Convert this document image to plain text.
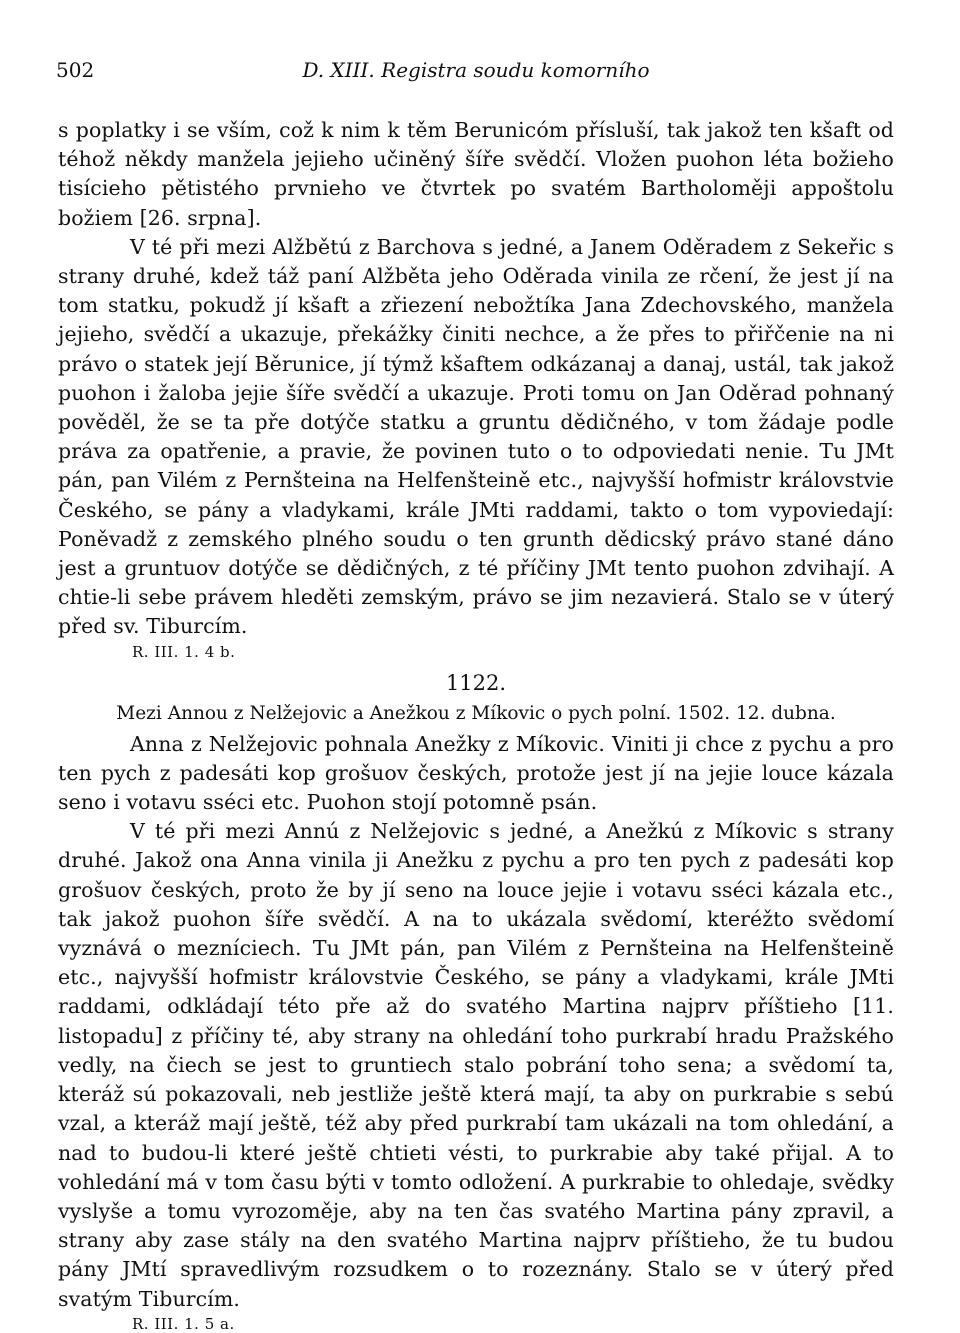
502	D. XIII. Registra soudu komorního

s poplatky i se vším, což k nim k těm Berunicóm přísluší, tak jakož ten kšaft od téhož někdy manžela jejieho učiněný šíře svědčí. Vložen puohon léta božieho tisícieho pětistého prvnieho ve čtvrtek po svatém Bartholoměji appoštolu božiem [26. srpna].

V té při mezi Alžbětú z Barchova s jedné, a Janem Oděradem z Sekeřic s strany druhé, kdež táž paní Alžběta jeho Oděrada vinila ze rčení, že jest jí na tom statku, pokudž jí kšaft a zřiezení nebožtíka Jana Zdechovského, manžela jejieho, svědčí a ukazuje, překážky činiti nechce, a že přes to přiřčenie na ni právo o statek její Běrunice, jí týmž kšaftem odkázanaj a danaj, ustál, tak jakož puohon i žaloba jejie šíře svědčí a ukazuje. Proti tomu on Jan Oděrad pohnaný pověděl, že se ta pře dotýče statku a gruntu dědičného, v tom žádaje podle práva za opatřenie, a pravie, že povinen tuto o to odpoviedati nenie. Tu JMt pán, pan Vilém z Pernšteina na Helfenšteině etc., najvyšší hofmistr královstvie Českého, se pány a vladykami, krále JMti raddami, takto o tom vypoviedají: Poněvadž z zemského plného soudu o ten grunth dědicský právo stané dáno jest a gruntuov dotýče se dědičných, z té příčiny JMt tento puohon zdvihají. A chtie-li sebe právem hleděti zemským, právo se jim nezavierá. Stalo se v úterý před sv. Tiburcím.

R. III. 1. 4 b.
1122.
Mezi Annou z Nelžejovic a Anežkou z Míkovic o pych polní. 1502. 12. dubna.

Anna z Nelžejovic pohnala Anežky z Míkovic. Viniti ji chce z pychu a pro ten pych z padesáti kop grošuov českých, protože jest jí na jejie louce kázala seno i votavu sséci etc. Puohon stojí potomně psán.

V té při mezi Annú z Nelžejovic s jedné, a Anežkú z Míkovic s strany druhé. Jakož ona Anna vinila ji Anežku z pychu a pro ten pych z padesáti kop grošuov českých, proto že by jí seno na louce jejie i votavu sséci kázala etc., tak jakož puohon šíře svědčí. A na to ukázala svědomí, kteréžto svědomí vyznává o mezníciech. Tu JMt pán, pan Vilém z Pernšteina na Helfenšteině etc., najvyšší hofmistr královstvie Českého, se pány a vladykami, krále JMti raddami, odkládají této pře až do svatého Martina najprv příštieho [11. listopadu] z příčiny té, aby strany na ohledání toho purkrabí hradu Pražského vedly, na čiech se jest to gruntiech stalo pobrání toho sena; a svědomí ta, kteráž sú pokazovali, neb jestliže ještě která mají, ta aby on purkrabie s sebú vzal, a kteráž mají ještě, též aby před purkrabí tam ukázali na tom ohledání, a nad to budou-li které ještě chtieti vésti, to purkrabie aby také přijal. A to vohledání má v tom času býti v tomto odložení. A purkrabie to ohledaje, svědky vyslyše a tomu vyrozoměje, aby na ten čas svatého Martina pány zpravil, a strany aby zase stály na den svatého Martina najprv příštieho, že tu budou pány JMtí spravedlivým rozsudkem o to rozeznány. Stalo se v úterý před svatým Tiburcím.

R. III. 1. 5 a.
